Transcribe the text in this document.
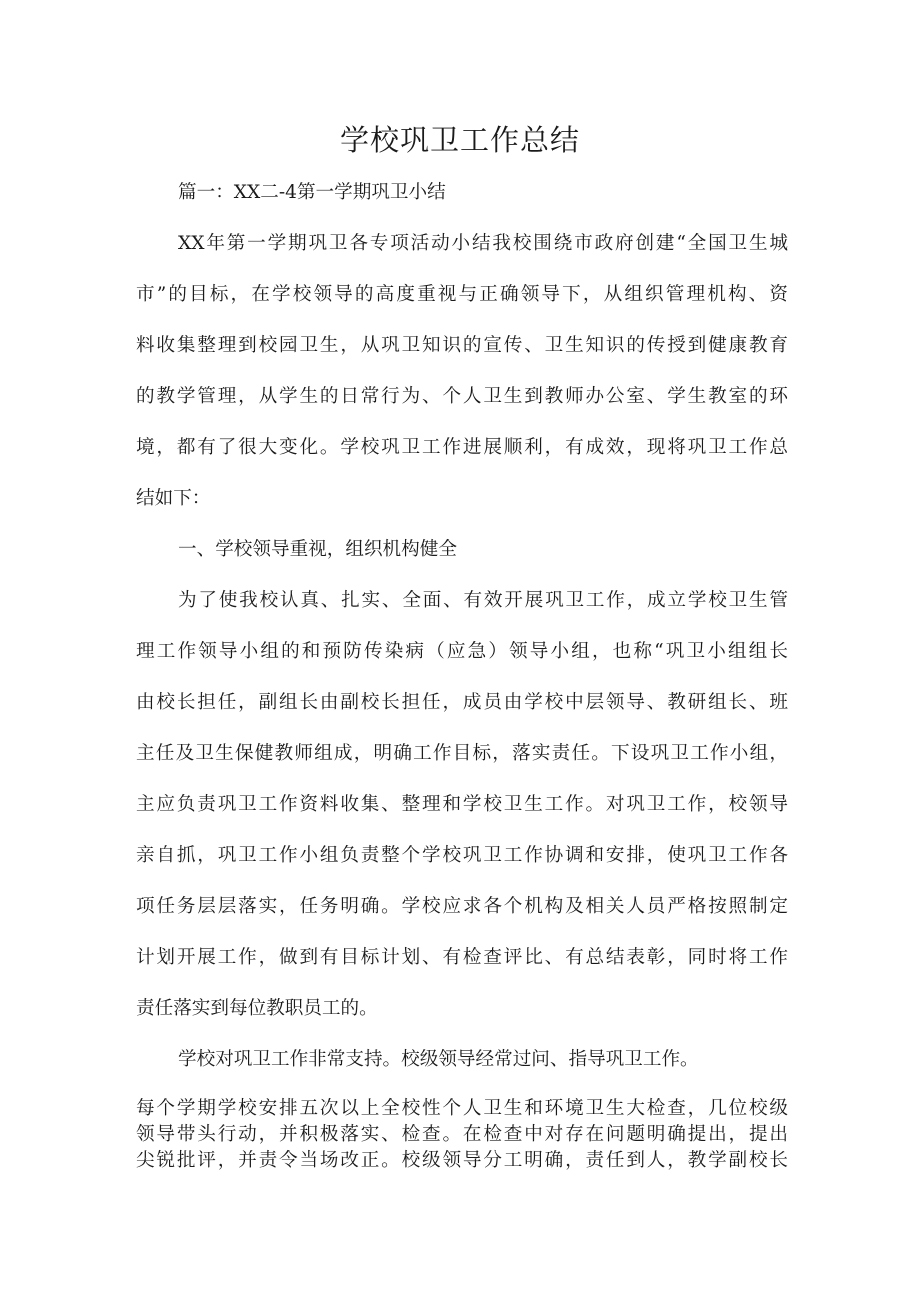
学校巩卫工作总结
篇一：XX二-4第一学期巩卫小结
XX年第一学期巩卫各专项活动小结我校围绕市政府创建“全国卫生城
市”的目标，在学校领导的高度重视与正确领导下，从组织管理机构、资
料收集整理到校园卫生，从巩卫知识的宣传、卫生知识的传授到健康教育
的教学管理，从学生的日常行为、个人卫生到教师办公室、学生教室的环
境，都有了很大变化。学校巩卫工作进展顺利，有成效，现将巩卫工作总
结如下：
一、学校领导重视，组织机构健全
为了使我校认真、扎实、全面、有效开展巩卫工作，成立学校卫生管
理工作领导小组的和预防传染病（应急）领导小组，也称“巩卫小组组长
由校长担任，副组长由副校长担任，成员由学校中层领导、教研组长、班
主任及卫生保健教师组成，明确工作目标，落实责任。下设巩卫工作小组，
主应负责巩卫工作资料收集、整理和学校卫生工作。对巩卫工作，校领导
亲自抓，巩卫工作小组负责整个学校巩卫工作协调和安排，使巩卫工作各
项任务层层落实，任务明确。学校应求各个机构及相关人员严格按照制定
计划开展工作，做到有目标计划、有检查评比、有总结表彰，同时将工作
责任落实到每位教职员工的。
学校对巩卫工作非常支持。校级领导经常过问、指导巩卫工作。
每个学期学校安排五次以上全校性个人卫生和环境卫生大检查，几位校级
领导带头行动，并积极落实、检查。在检查中对存在问题明确提出，提出
尖锐批评，并责令当场改正。校级领导分工明确，责任到人，教学副校长
